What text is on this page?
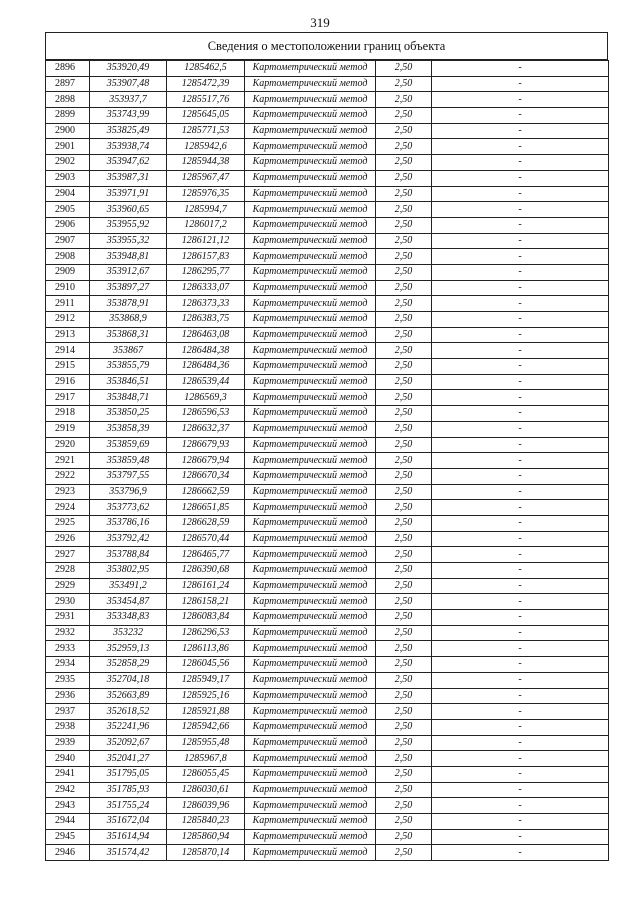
319
Сведения о местоположении границ объекта
2896	353920,49	1285462,5	Картометрический метод	2,50	-
2897	353907,48	1285472,39	Картометрический метод	2,50	-
2898	353937,7	1285517,76	Картометрический метод	2,50	-
2899	353743,99	1285645,05	Картометрический метод	2,50	-
2900	353825,49	1285771,53	Картометрический метод	2,50	-
2901	353938,74	1285942,6	Картометрический метод	2,50	-
2902	353947,62	1285944,38	Картометрический метод	2,50	-
2903	353987,31	1285967,47	Картометрический метод	2,50	-
2904	353971,91	1285976,35	Картометрический метод	2,50	-
2905	353960,65	1285994,7	Картометрический метод	2,50	-
2906	353955,92	1286017,2	Картометрический метод	2,50	-
2907	353955,32	1286121,12	Картометрический метод	2,50	-
2908	353948,81	1286157,83	Картометрический метод	2,50	-
2909	353912,67	1286295,77	Картометрический метод	2,50	-
2910	353897,27	1286333,07	Картометрический метод	2,50	-
2911	353878,91	1286373,33	Картометрический метод	2,50	-
2912	353868,9	1286383,75	Картометрический метод	2,50	-
2913	353868,31	1286463,08	Картометрический метод	2,50	-
2914	353867	1286484,38	Картометрический метод	2,50	-
2915	353855,79	1286484,36	Картометрический метод	2,50	-
2916	353846,51	1286539,44	Картометрический метод	2,50	-
2917	353848,71	1286569,3	Картометрический метод	2,50	-
2918	353850,25	1286596,53	Картометрический метод	2,50	-
2919	353858,39	1286632,37	Картометрический метод	2,50	-
2920	353859,69	1286679,93	Картометрический метод	2,50	-
2921	353859,48	1286679,94	Картометрический метод	2,50	-
2922	353797,55	1286670,34	Картометрический метод	2,50	-
2923	353796,9	1286662,59	Картометрический метод	2,50	-
2924	353773,62	1286651,85	Картометрический метод	2,50	-
2925	353786,16	1286628,59	Картометрический метод	2,50	-
2926	353792,42	1286570,44	Картометрический метод	2,50	-
2927	353788,84	1286465,77	Картометрический метод	2,50	-
2928	353802,95	1286390,68	Картометрический метод	2,50	-
2929	353491,2	1286161,24	Картометрический метод	2,50	-
2930	353454,87	1286158,21	Картометрический метод	2,50	-
2931	353348,83	1286083,84	Картометрический метод	2,50	-
2932	353232	1286296,53	Картометрический метод	2,50	-
2933	352959,13	1286113,86	Картометрический метод	2,50	-
2934	352858,29	1286045,56	Картометрический метод	2,50	-
2935	352704,18	1285949,17	Картометрический метод	2,50	-
2936	352663,89	1285925,16	Картометрический метод	2,50	-
2937	352618,52	1285921,88	Картометрический метод	2,50	-
2938	352241,96	1285942,66	Картометрический метод	2,50	-
2939	352092,67	1285955,48	Картометрический метод	2,50	-
2940	352041,27	1285967,8	Картометрический метод	2,50	-
2941	351795,05	1286055,45	Картометрический метод	2,50	-
2942	351785,93	1286030,61	Картометрический метод	2,50	-
2943	351755,24	1286039,96	Картометрический метод	2,50	-
2944	351672,04	1285840,23	Картометрический метод	2,50	-
2945	351614,94	1285860,94	Картометрический метод	2,50	-
2946	351574,42	1285870,14	Картометрический метод	2,50	-
